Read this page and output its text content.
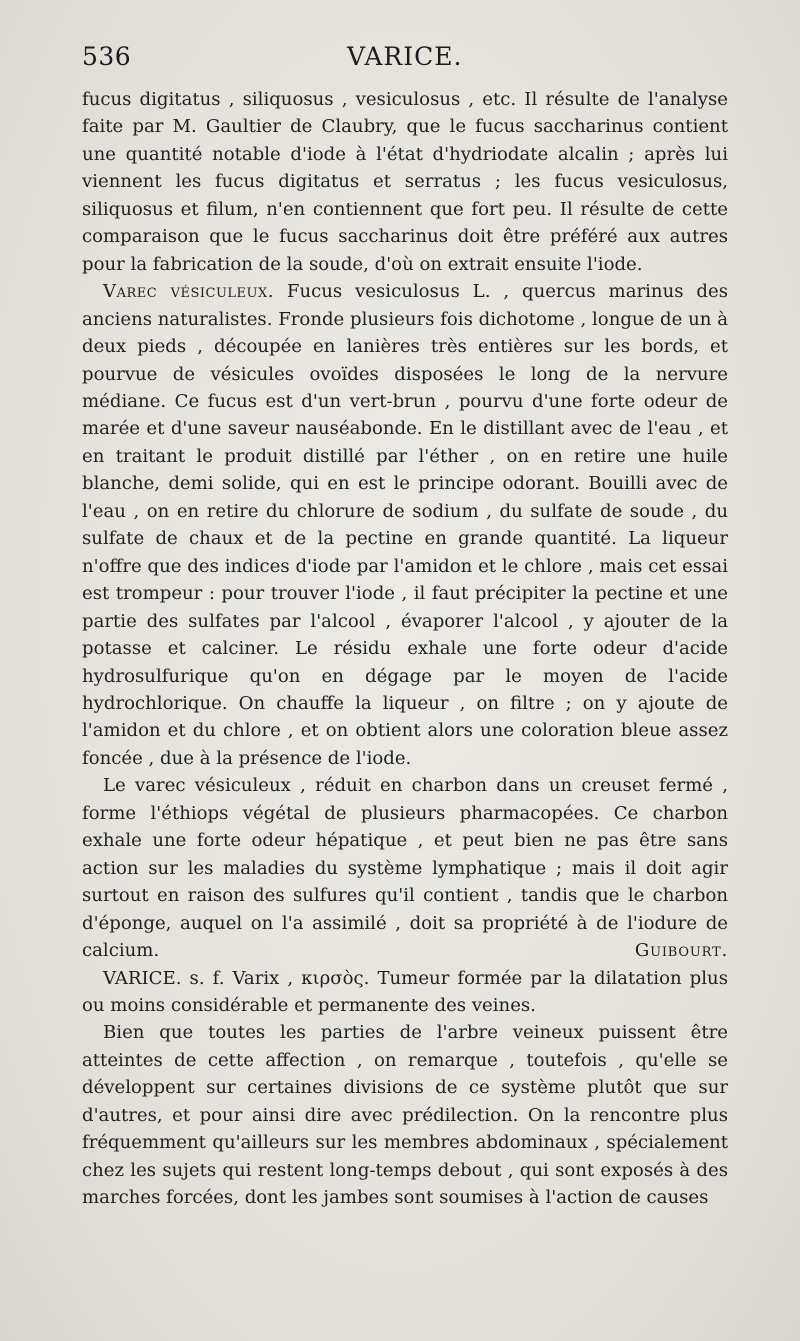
536	VARICE.

fucus digitatus , siliquosus , vesiculosus , etc. Il résulte de l'analyse faite par M. Gaultier de Claubry, que le fucus saccharinus contient une quantité notable d'iode à l'état d'hydriodate alcalin ; après lui viennent les fucus digitatus et serratus ; les fucus vesiculosus, siliquosus et filum, n'en contiennent que fort peu. Il résulte de cette comparaison que le fucus saccharinus doit être préféré aux autres pour la fabrication de la soude, d'où on extrait ensuite l'iode.

Varec vésiculeux. Fucus vesiculosus L. , quercus marinus des anciens naturalistes. Fronde plusieurs fois dichotome , longue de un à deux pieds , découpée en lanières très entières sur les bords, et pourvue de vésicules ovoïdes disposées le long de la nervure médiane. Ce fucus est d'un vert-brun , pourvu d'une forte odeur de marée et d'une saveur nauséabonde. En le distillant avec de l'eau , et en traitant le produit distillé par l'éther , on en retire une huile blanche, demi solide, qui en est le principe odorant. Bouilli avec de l'eau , on en retire du chlorure de sodium , du sulfate de soude , du sulfate de chaux et de la pectine en grande quantité. La liqueur n'offre que des indices d'iode par l'amidon et le chlore , mais cet essai est trompeur : pour trouver l'iode , il faut précipiter la pectine et une partie des sulfates par l'alcool , évaporer l'alcool , y ajouter de la potasse et calciner. Le résidu exhale une forte odeur d'acide hydrosulfurique qu'on en dégage par le moyen de l'acide hydrochlorique. On chauffe la liqueur , on filtre ; on y ajoute de l'amidon et du chlore , et on obtient alors une coloration bleue assez foncée , due à la présence de l'iode.

Le varec vésiculeux , réduit en charbon dans un creuset fermé , forme l'éthiops végétal de plusieurs pharmacopées. Ce charbon exhale une forte odeur hépatique , et peut bien ne pas être sans action sur les maladies du système lymphatique ; mais il doit agir surtout en raison des sulfures qu'il contient , tandis que le charbon d'éponge, auquel on l'a assimilé , doit sa propriété à de l'iodure de calcium.	Guibourt.

VARICE. s. f. Varix , κιρσὸς. Tumeur formée par la dilatation plus ou moins considérable et permanente des veines.

Bien que toutes les parties de l'arbre veineux puissent être atteintes de cette affection , on remarque , toutefois , qu'elle se développent sur certaines divisions de ce système plutôt que sur d'autres, et pour ainsi dire avec prédilection. On la rencontre plus fréquemment qu'ailleurs sur les membres abdominaux , spécialement chez les sujets qui restent long-temps debout , qui sont exposés à des marches forcées, dont les jambes sont soumises à l'action de causes
